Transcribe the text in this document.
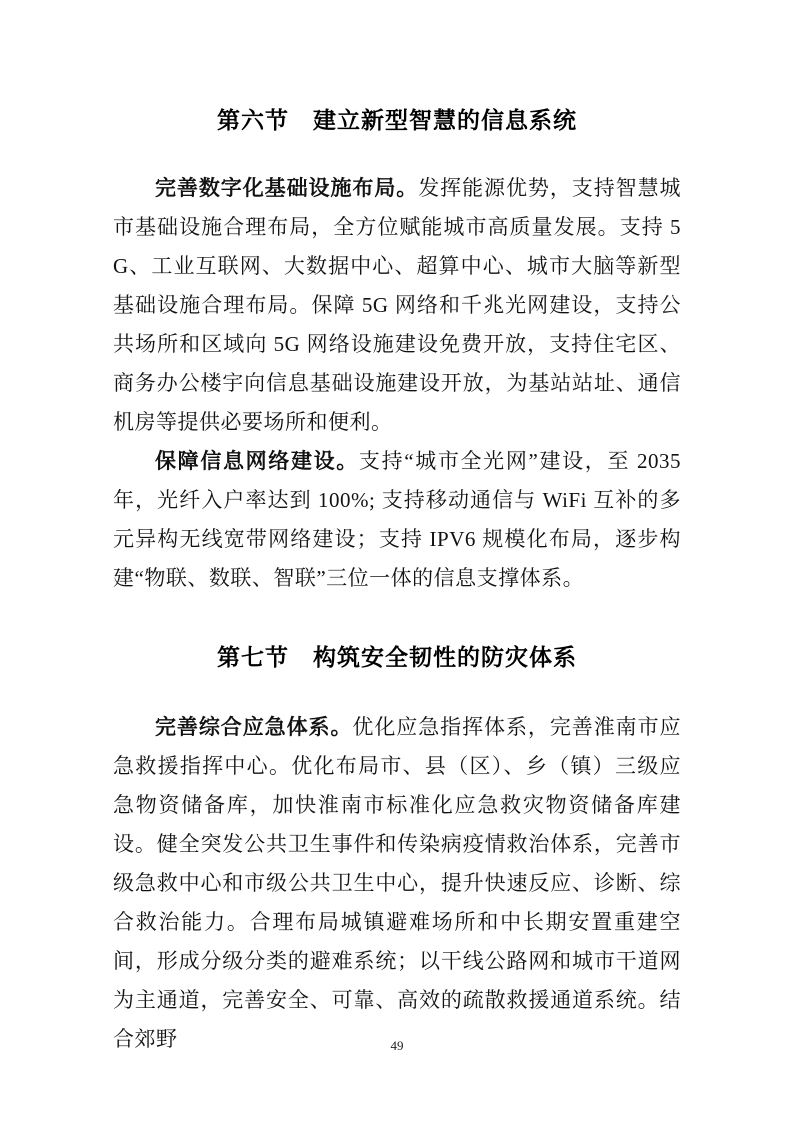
第六节　建立新型智慧的信息系统

完善数字化基础设施布局。发挥能源优势，支持智慧城市基础设施合理布局，全方位赋能城市高质量发展。支持 5G、工业互联网、大数据中心、超算中心、城市大脑等新型基础设施合理布局。保障 5G 网络和千兆光网建设，支持公共场所和区域向 5G 网络设施建设免费开放，支持住宅区、商务办公楼宇向信息基础设施建设开放，为基站站址、通信机房等提供必要场所和便利。

保障信息网络建设。支持“城市全光网”建设，至 2035 年，光纤入户率达到 100%; 支持移动通信与 WiFi 互补的多元异构无线宽带网络建设；支持 IPV6 规模化布局，逐步构建“物联、数联、智联”三位一体的信息支撑体系。

第七节　构筑安全韧性的防灾体系

完善综合应急体系。优化应急指挥体系，完善淮南市应急救援指挥中心。优化布局市、县（区）、乡（镇）三级应急物资储备库，加快淮南市标准化应急救灾物资储备库建设。健全突发公共卫生事件和传染病疫情救治体系，完善市级急救中心和市级公共卫生中心，提升快速反应、诊断、综合救治能力。合理布局城镇避难场所和中长期安置重建空间，形成分级分类的避难系统；以干线公路网和城市干道网为主通道，完善安全、可靠、高效的疏散救援通道系统。结合郊野	49
